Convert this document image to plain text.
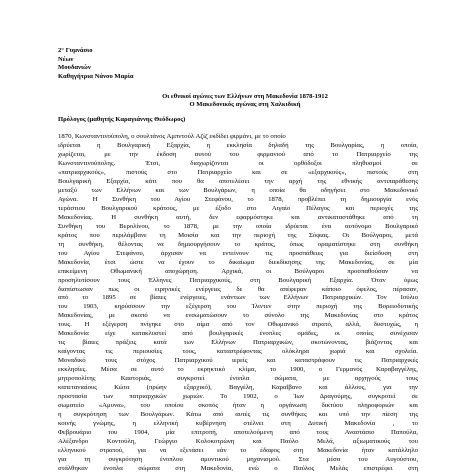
2° Γυμνάσιο
Νέων
Μουδανιών
Καθηγήτρια Νάνου Μαρία
Οι εθνικοί αγώνες των Ελλήνων στη Μακεδονία 1878-1912
Ο Μακεδονικός αγώνας στη Χαλκιδική
Πρόλογος (μαθητής Καραγιάννης Θεόδωρος)
1870, Κωνσταντινούπολη, ο σουλτάνος Αμπντούλ Αζίζ εκδίδει φιρμάνι, με το οποίο
ιδρύεται η Βουλγαρική Εξαρχία, η εκκλησία δηλαδή της Βουλγαρίας, η οποία,
χωρίζεται, με την έκδοση αυτού του φιρμανιού από το Πατριαρχείο της
Κωνσταντινούπολης. Έτσι, διαχωρίζονται οι ορθόδοξοι πληθυσμοί σε
«πατριαρχικούς», πιστούς στο Πατριαρχείο και σε «εξαρχικούς», πιστούς στη
Βουλγαρική Εξαρχία, κάτι που θα αποτελέσει την αρχή της εθνικής αντιπαράθεσης
μεταξύ των Ελλήνων και των Βουλγάρων, η οποία θα οδηγήσει στο Μακεδονικό
Αγώνα. Η Συνθήκη του Αγίου Στεφάνου, το 1878, προβλέπει τη δημιουργία ενός
τεράστιου Βουλγαρικού κράτους, με έξοδο στο Αιγαίο Πέλαγος και περιοχές της
Μακεδονίας. Η συνθήκη αυτή, δεν εφαρμόστηκε και αντικαταστάθηκε από τη
Συνθήκη του Βερολίνου, το 1878, με την οποία ιδρύεται ένα αυτόνομο Βουλγαρικό
κράτος που περιλάμβανε τη Μοισία και την περιοχή της Σόφιας. Οι Βούλγαροι, μετά
τη συνθήκη, θέλοντας να δημιουργήσουν το κράτος, όπως οραματίστηκε στη συνθήκη
του Αγίου Στεφάνου, άρχισαν να εντείνουν τις προσπάθειες για διείσδυση στη
Μακεδονία, έτσι ώστε να έχουν το δικαίωμα διεκδίκησης της Μακεδονίας, σε μία
επικείμενη Οθωμανική αποχώρηση. Αρχικά, οι Βούλγαροι προσπαθούσαν να
προσηλυτίσουν τους Έλληνες Πατριαρχικούς, στη Βουλγαρική Εξαρχία. Όταν όμως
διαπίστωσαν πως οι ειρηνικές ενέργειες δε θα απέφεραν κάποιο όφελος, πέρασαν,
από το 1895 σε βίαιες ενέργειες, ενάντιων των Ελλήνων Πατριαρχικών. Τον Ιούλιο
του 1903, κηρύσσουν την εξέγερση του Ίλιντεν στην περιοχή της Βορειοδυτικής
Μακεδονίας, με σκοπό να ενσωματώσουν το σύνολο της Μακεδονίας στο κράτος
τους. Η εξέγερση πνίγηκε στο αίμα από τον Οθωμανικό στρατό, αλλά, δυστυχώς, η
Μακεδονία είχε κατακλυστεί από βουλγαρικές ένοπλες ομάδες, οι οποίες συνέχισαν
τις βίαιες πράξεις κατά των Ελλήνων Πατριαρχικών, σκοτώνοντας, βιάζοντας και
καίγοντας τις περιουσίες τους, καταστρέφοντας ολόκληρα χωριά και σχολεία.
Μοναδικό τους στόχος Πατριαρχικού ιερείς και καταστράφουν τις Πατριαρχικές
εκκλησίες. Μέσα σε αυτό το εκρηκτικό κλίμα, το 1900, ο Γερμανός Καραβαγγέλης,
μητροπολίτης Καστοριάς, συγκροτεί ένοπλα σώματα, με αρχηγούς τους
καπετανιαίους Κώτα (πρώην εξαρχικό), Βαγγέλη, Καραΐβανο και άλλους, για την
προστασία των πατριαρχικών χωριών. Το 1902, ο Ίων Δραγούμης, συγκροτεί σε
σωματείο «Αμυνα», του οποίου σκοπός ήταν η οργάνωση δικτύου πληροφοριών και
η συγκρότηση των Βουλγάρων. Κάτω από αυτές τις συνθήκες και υπό την πίεση της
κοινής γνώμης, η ελληνική κυβέρνηση στέλνει στη Δυτική Μακεδονία , το
Φεβρουάριο του 1904, μία επιτροπή, αποτελούμενη από τους Αναστάσιο Παπούλα,
Αλέξανδρο Κοντούλη, Γεώργιο Κολοκοτρώνη και Παύλο Μελά, αξιωματικούς του
ελληνικού στρατού, για να εξετάσει εάν το έδαφος στη Μακεδονία ήταν κατάλληλο
για τη συγκρότηση ένοπλου αμυντικού μηχανισμού. Στα μέσα του Αυγούστου,
στάλθηκαν ένοπλα σώματα στη Μακεδονία, ενώ ο Παύλος Μελάς επιστρέφει στη
